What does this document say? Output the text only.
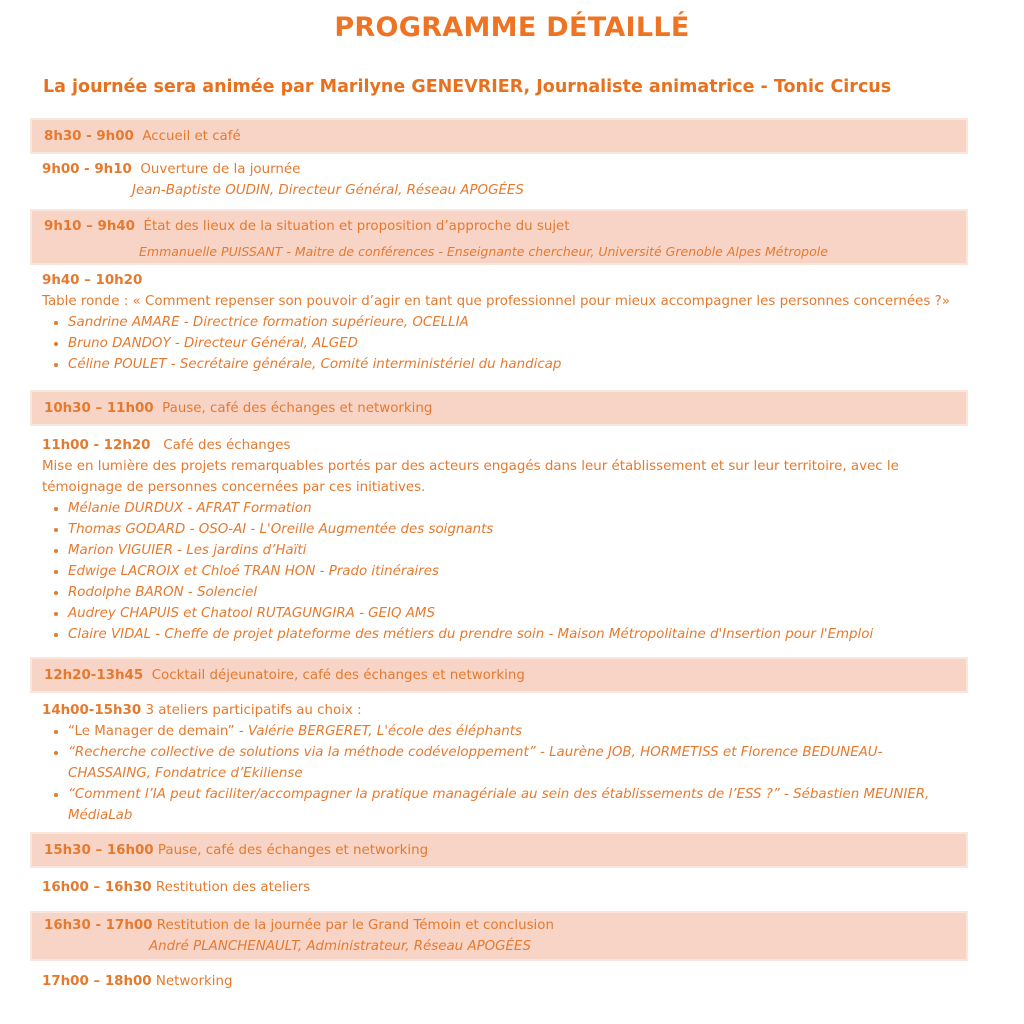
PROGRAMME DÉTAILLÉ
La journée sera animée par Marilyne GENEVRIER, Journaliste animatrice - Tonic Circus
8h30 - 9h00 Accueil et café
9h00 - 9h10 Ouverture de la journée
Jean-Baptiste OUDIN, Directeur Général, Réseau APOGÉES
9h10 – 9h40 État des lieux de la situation et proposition d’approche du sujet
Emmanuelle PUISSANT - Maitre de conférences - Enseignante chercheur, Université Grenoble Alpes Métropole
9h40 – 10h20
Table ronde : « Comment repenser son pouvoir d’agir en tant que professionnel pour mieux accompagner les personnes concernées ?»
• Sandrine AMARE - Directrice formation supérieure, OCELLIA
• Bruno DANDOY - Directeur Général, ALGED
• Céline POULET - Secrétaire générale, Comité interministériel du handicap
10h30 – 11h00 Pause, café des échanges et networking
11h00 - 12h20 Café des échanges
Mise en lumière des projets remarquables portés par des acteurs engagés dans leur établissement et sur leur territoire, avec le témoignage de personnes concernées par ces initiatives.
• Mélanie DURDUX - AFRAT Formation
• Thomas GODARD - OSO-AI - L'Oreille Augmentée des soignants
• Marion VIGUIER - Les jardins d’Haïti
• Edwige LACROIX et Chloé TRAN HON - Prado itinéraires
• Rodolphe BARON - Solenciel
• Audrey CHAPUIS et Chatool RUTAGUNGIRA - GEIQ AMS
• Claire VIDAL - Cheffe de projet plateforme des métiers du prendre soin - Maison Métropolitaine d'Insertion pour l'Emploi
12h20-13h45 Cocktail déjeunatoire, café des échanges et networking
14h00-15h30 3 ateliers participatifs au choix :
• “Le Manager de demain” - Valérie BERGERET, L'école des éléphants
• “Recherche collective de solutions via la méthode codéveloppement” - Laurène JOB, HORMETISS et Florence BEDUNEAU-CHASSAING, Fondatrice d’Ekiliense
• “Comment l’IA peut faciliter/accompagner la pratique managériale au sein des établissements de l’ESS ?” - Sébastien MEUNIER, MédiaLab
15h30 – 16h00 Pause, café des échanges et networking
16h00 – 16h30 Restitution des ateliers
16h30 - 17h00 Restitution de la journée par le Grand Témoin et conclusion
André PLANCHENAULT, Administrateur, Réseau APOGÉES
17h00 – 18h00 Networking
